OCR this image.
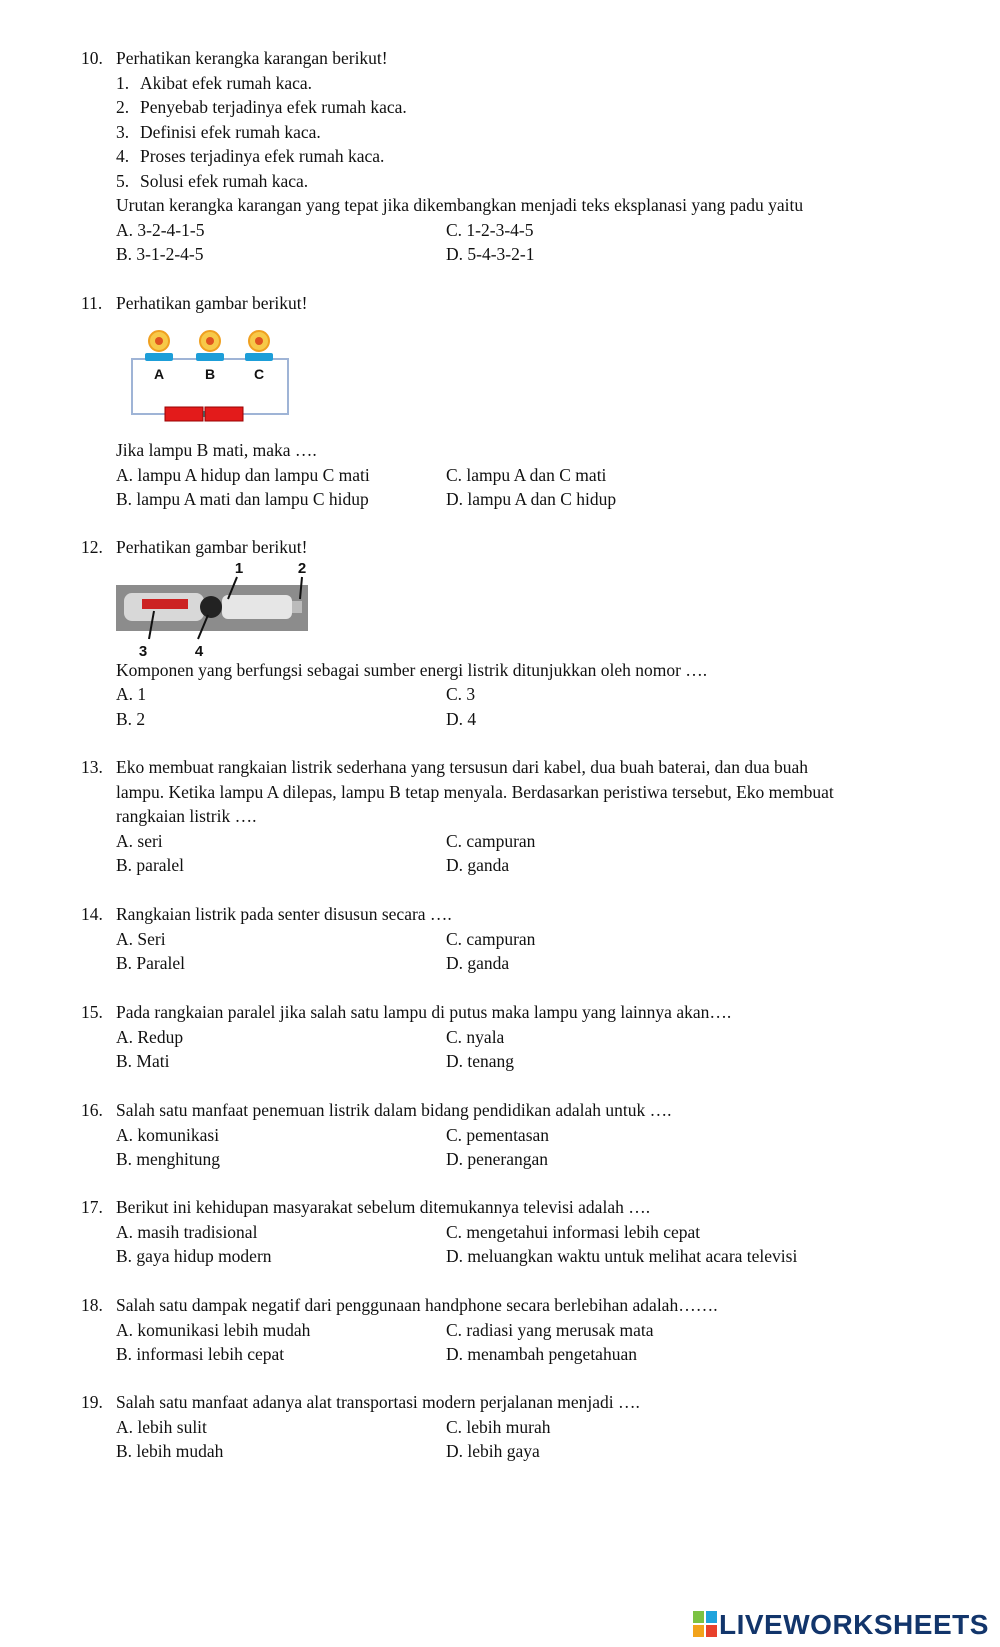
10. Perhatikan kerangka karangan berikut!
1. Akibat efek rumah kaca.
2. Penyebab terjadinya efek rumah kaca.
3. Definisi efek rumah kaca.
4. Proses terjadinya efek rumah kaca.
5. Solusi efek rumah kaca.
Urutan kerangka karangan yang tepat jika dikembangkan menjadi teks eksplanasi yang padu yaitu
A. 3-2-4-1-5	C. 1-2-3-4-5
B. 3-1-2-4-5	D. 5-4-3-2-1
11. Perhatikan gambar berikut!
A	B	C
Jika lampu B mati, maka ….
A. lampu A hidup dan lampu C mati	C. lampu A dan C mati
B. lampu A mati dan lampu C hidup	D. lampu A dan C hidup
12. Perhatikan gambar berikut!
1	2
3	4
Komponen yang berfungsi sebagai sumber energi listrik ditunjukkan oleh nomor ….
A. 1	C. 3
B. 2	D. 4
13. Eko membuat rangkaian listrik sederhana yang tersusun dari kabel, dua buah baterai, dan dua buah
lampu. Ketika lampu A dilepas, lampu B tetap menyala. Berdasarkan peristiwa tersebut, Eko membuat
rangkaian listrik ….
A. seri	C. campuran
B. paralel	D. ganda
14. Rangkaian listrik pada senter disusun secara ….
A. Seri	C. campuran
B. Paralel	D. ganda
15. Pada rangkaian paralel jika salah satu lampu di putus maka lampu yang lainnya akan….
A. Redup	C. nyala
B. Mati	D. tenang
16. Salah satu manfaat penemuan listrik dalam bidang pendidikan adalah untuk ….
A. komunikasi	C. pementasan
B. menghitung	D. penerangan
17. Berikut ini kehidupan masyarakat sebelum ditemukannya televisi adalah ….
A. masih tradisional	C. mengetahui informasi lebih cepat
B. gaya hidup modern	D. meluangkan waktu untuk melihat acara televisi
18. Salah satu dampak negatif dari penggunaan handphone secara berlebihan adalah…….
A. komunikasi lebih mudah	C. radiasi yang merusak mata
B. informasi lebih cepat	D. menambah pengetahuan
19. Salah satu manfaat adanya alat transportasi modern perjalanan menjadi ….
A. lebih sulit	C. lebih murah
B. lebih mudah	D. lebih gaya
LIVEWORKSHEETS
